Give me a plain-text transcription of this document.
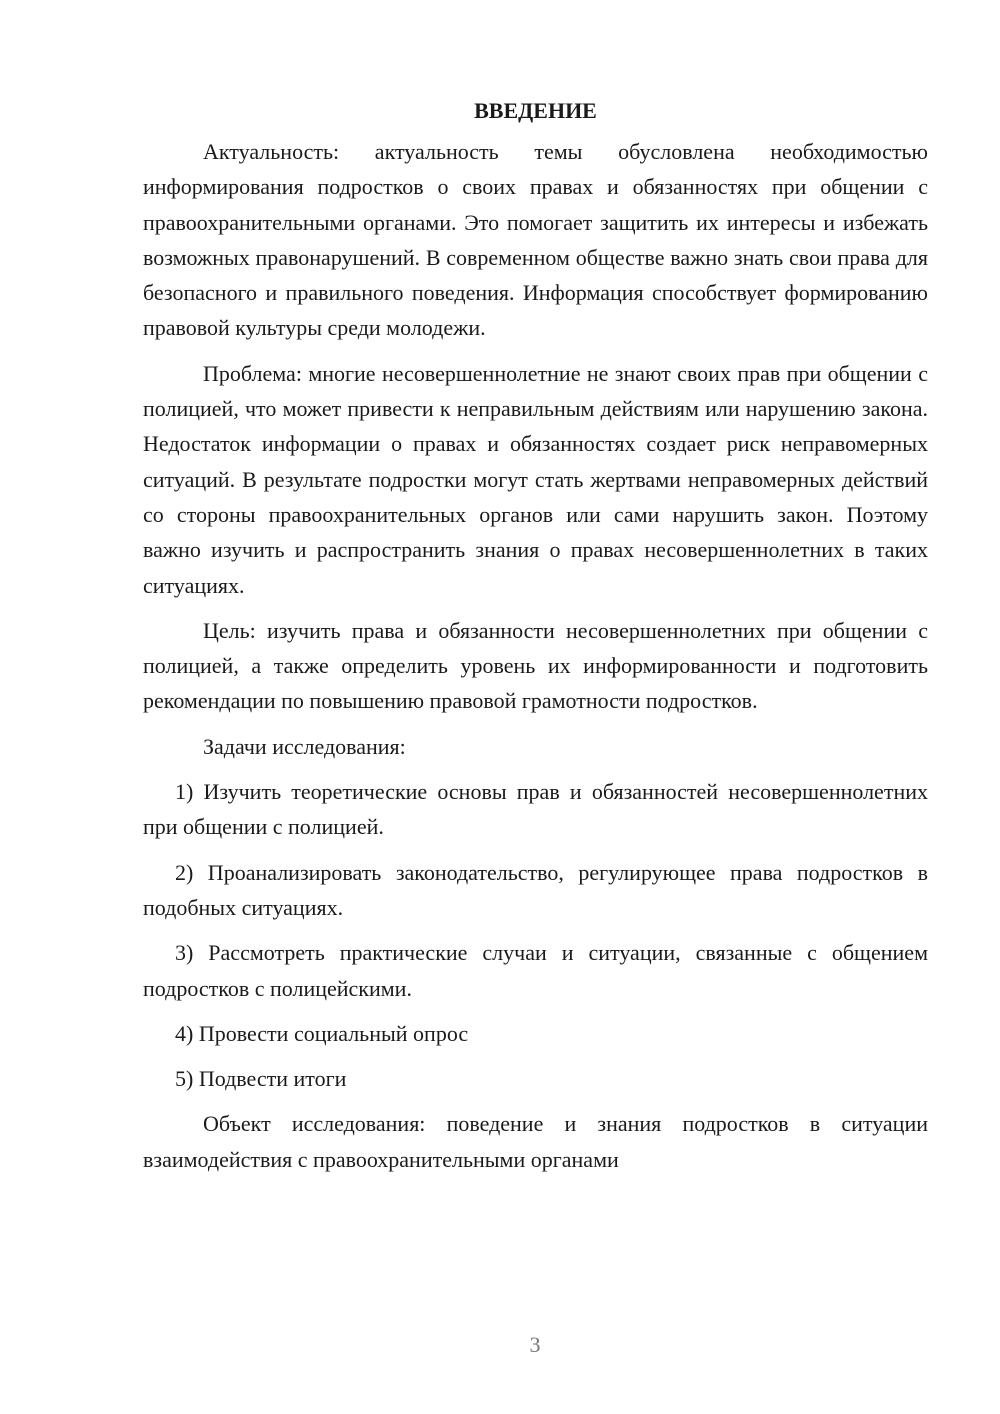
ВВЕДЕНИЕ

Актуальность: актуальность темы обусловлена необходимостью информирования подростков о своих правах и обязанностях при общении с правоохранительными органами. Это помогает защитить их интересы и избежать возможных правонарушений. В современном обществе важно знать свои права для безопасного и правильного поведения. Информация способствует формированию правовой культуры среди молодежи.

Проблема: многие несовершеннолетние не знают своих прав при общении с полицией, что может привести к неправильным действиям или нарушению закона. Недостаток информации о правах и обязанностях создает риск неправомерных ситуаций. В результате подростки могут стать жертвами неправомерных действий со стороны правоохранительных органов или сами нарушить закон. Поэтому важно изучить и распространить знания о правах несовершеннолетних в таких ситуациях.

Цель: изучить права и обязанности несовершеннолетних при общении с полицией, а также определить уровень их информированности и подготовить рекомендации по повышению правовой грамотности подростков.

Задачи исследования:

1) Изучить теоретические основы прав и обязанностей несовершеннолетних при общении с полицией.

2) Проанализировать законодательство, регулирующее права подростков в подобных ситуациях.

3) Рассмотреть практические случаи и ситуации, связанные с общением подростков с полицейскими.

4) Провести социальный опрос

5) Подвести итоги

Объект исследования: поведение и знания подростков в ситуации взаимодействия с правоохранительными органами

3
